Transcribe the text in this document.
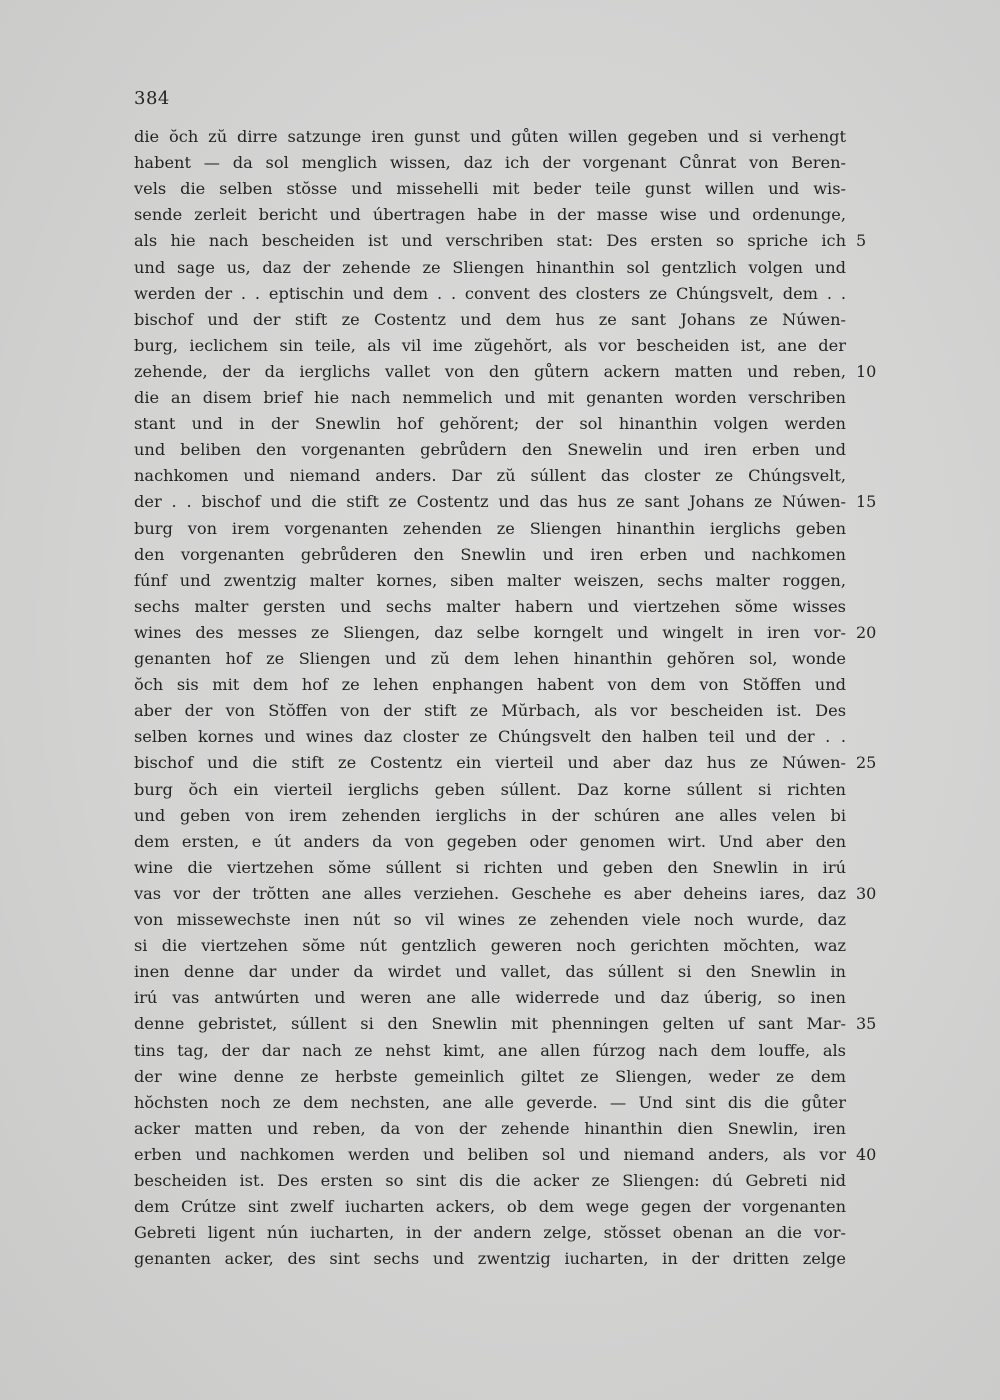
384
die ŏch zŭ dirre satzunge iren gunst und gůten willen gegeben und si verhengt
habent — da sol menglich wissen, daz ich der vorgenant Cůnrat von Beren-
vels die selben stŏsse und missehelli mit beder teile gunst willen und wis-
sende zerleit bericht und úbertragen habe in der masse wise und ordenunge,
als hie nach bescheiden ist und verschriben stat: Des ersten so spriche ich
und sage us, daz der zehende ze Sliengen hinanthin sol gentzlich volgen und
werden der . . eptischin und dem . . convent des closters ze Chúngsvelt, dem . .
bischof und der stift ze Costentz und dem hus ze sant Johans ze Núwen-
burg, ieclichem sin teile, als vil ime zŭgehŏrt, als vor bescheiden ist, ane der
zehende, der da ierglichs vallet von den gůtern ackern matten und reben,
die an disem brief hie nach nemmelich und mit genanten worden verschriben
stant und in der Snewlin hof gehŏrent; der sol hinanthin volgen werden
und beliben den vorgenanten gebrůdern den Snewelin und iren erben und
nachkomen und niemand anders. Dar zŭ súllent das closter ze Chúngsvelt,
der . . bischof und die stift ze Costentz und das hus ze sant Johans ze Núwen-
burg von irem vorgenanten zehenden ze Sliengen hinanthin ierglichs geben
den vorgenanten gebrůderen den Snewlin und iren erben und nachkomen
fúnf und zwentzig malter kornes, siben malter weiszen, sechs malter roggen,
sechs malter gersten und sechs malter habern und viertzehen sŏme wisses
wines des messes ze Sliengen, daz selbe korngelt und wingelt in iren vor-
genanten hof ze Sliengen und zŭ dem lehen hinanthin gehŏren sol, wonde
ŏch sis mit dem hof ze lehen enphangen habent von dem von Stŏffen und
aber der von Stŏffen von der stift ze Mŭrbach, als vor bescheiden ist. Des
selben kornes und wines daz closter ze Chúngsvelt den halben teil und der . .
bischof und die stift ze Costentz ein vierteil und aber daz hus ze Núwen-
burg ŏch ein vierteil ierglichs geben súllent. Daz korne súllent si richten
und geben von irem zehenden ierglichs in der schúren ane alles velen bi
dem ersten, e út anders da von gegeben oder genomen wirt. Und aber den
wine die viertzehen sŏme súllent si richten und geben den Snewlin in irú
vas vor der trŏtten ane alles verziehen. Geschehe es aber deheins iares, daz
von missewechste inen nút so vil wines ze zehenden viele noch wurde, daz
si die viertzehen sŏme nút gentzlich geweren noch gerichten mŏchten, waz
inen denne dar under da wirdet und vallet, das súllent si den Snewlin in
irú vas antwúrten und weren ane alle widerrede und daz úberig, so inen
denne gebristet, súllent si den Snewlin mit phenningen gelten uf sant Mar-
tins tag, der dar nach ze nehst kimt, ane allen fúrzog nach dem louffe, als
der wine denne ze herbste gemeinlich giltet ze Sliengen, weder ze dem
hŏchsten noch ze dem nechsten, ane alle geverde. — Und sint dis die gůter
acker matten und reben, da von der zehende hinanthin dien Snewlin, iren
erben und nachkomen werden und beliben sol und niemand anders, als vor
bescheiden ist. Des ersten so sint dis die acker ze Sliengen: dú Gebreti nid
dem Crútze sint zwelf iucharten ackers, ob dem wege gegen der vorgenanten
Gebreti ligent nún iucharten, in der andern zelge, stŏsset obenan an die vor-
genanten acker, des sint sechs und zwentzig iucharten, in der dritten zelge
5
10
15
20
25
30
35
40
